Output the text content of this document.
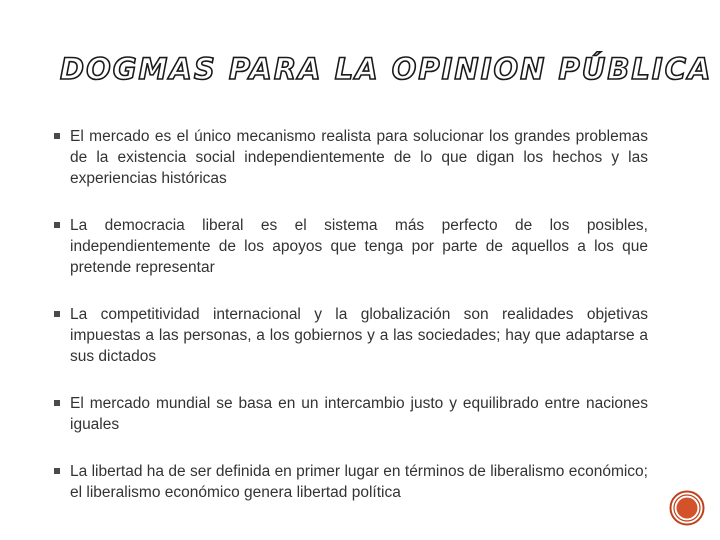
DOGMAS PARA LA OPINION PÚBLICA
El mercado es el único mecanismo realista para solucionar los grandes problemas de la existencia social independientemente de lo que digan los hechos y las experiencias históricas
La democracia liberal es el sistema más perfecto de los posibles, independientemente de los apoyos que tenga por parte de aquellos a los que pretende representar
La competitividad internacional y la globalización son realidades objetivas impuestas a las personas, a los gobiernos y a las sociedades; hay que adaptarse a sus dictados
El mercado mundial se basa en un intercambio justo y equilibrado entre naciones iguales
La libertad ha de ser definida en primer lugar en términos de liberalismo económico; el liberalismo económico genera libertad política
